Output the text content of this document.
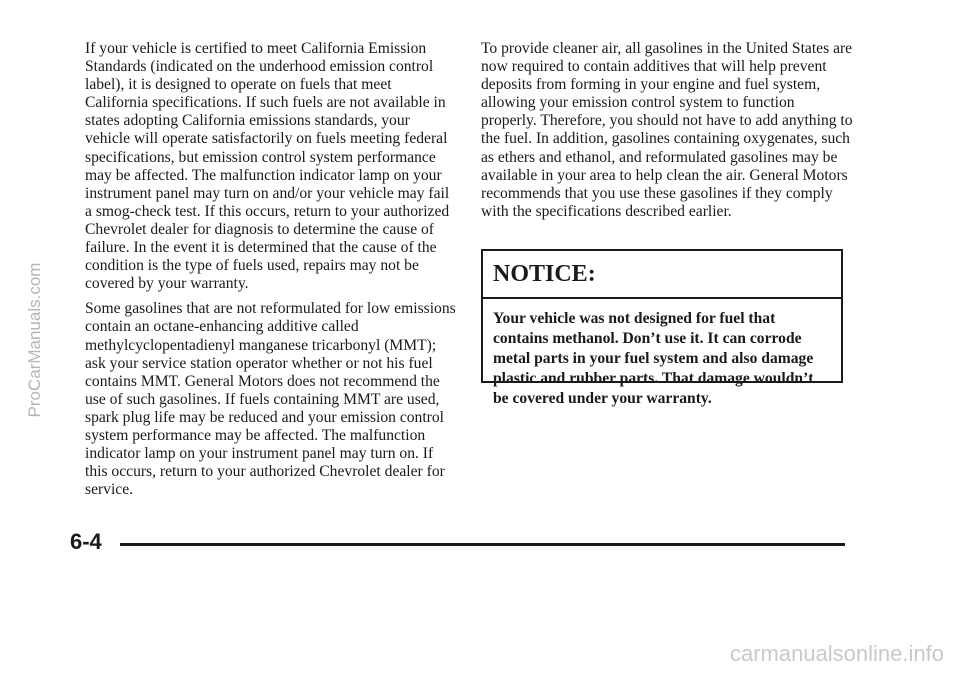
If your vehicle is certified to meet California Emission Standards (indicated on the underhood emission control label), it is designed to operate on fuels that meet California specifications. If such fuels are not available in states adopting California emissions standards, your vehicle will operate satisfactorily on fuels meeting federal specifications, but emission control system performance may be affected. The malfunction indicator lamp on your instrument panel may turn on and/or your vehicle may fail a smog-check test. If this occurs, return to your authorized Chevrolet dealer for diagnosis to determine the cause of failure. In the event it is determined that the cause of the condition is the type of fuels used, repairs may not be covered by your warranty.

Some gasolines that are not reformulated for low emissions contain an octane-enhancing additive called methylcyclopentadienyl manganese tricarbonyl (MMT); ask your service station operator whether or not his fuel contains MMT. General Motors does not recommend the use of such gasolines. If fuels containing MMT are used, spark plug life may be reduced and your emission control system performance may be affected. The malfunction indicator lamp on your instrument panel may turn on. If this occurs, return to your authorized Chevrolet dealer for service.

To provide cleaner air, all gasolines in the United States are now required to contain additives that will help prevent deposits from forming in your engine and fuel system, allowing your emission control system to function properly. Therefore, you should not have to add anything to the fuel. In addition, gasolines containing oxygenates, such as ethers and ethanol, and reformulated gasolines may be available in your area to help clean the air. General Motors recommends that you use these gasolines if they comply with the specifications described earlier.

NOTICE:
Your vehicle was not designed for fuel that contains methanol. Don’t use it. It can corrode metal parts in your fuel system and also damage plastic and rubber parts. That damage wouldn’t be covered under your warranty.
6-4
ProCarManuals.com
carmanualsonline.info
